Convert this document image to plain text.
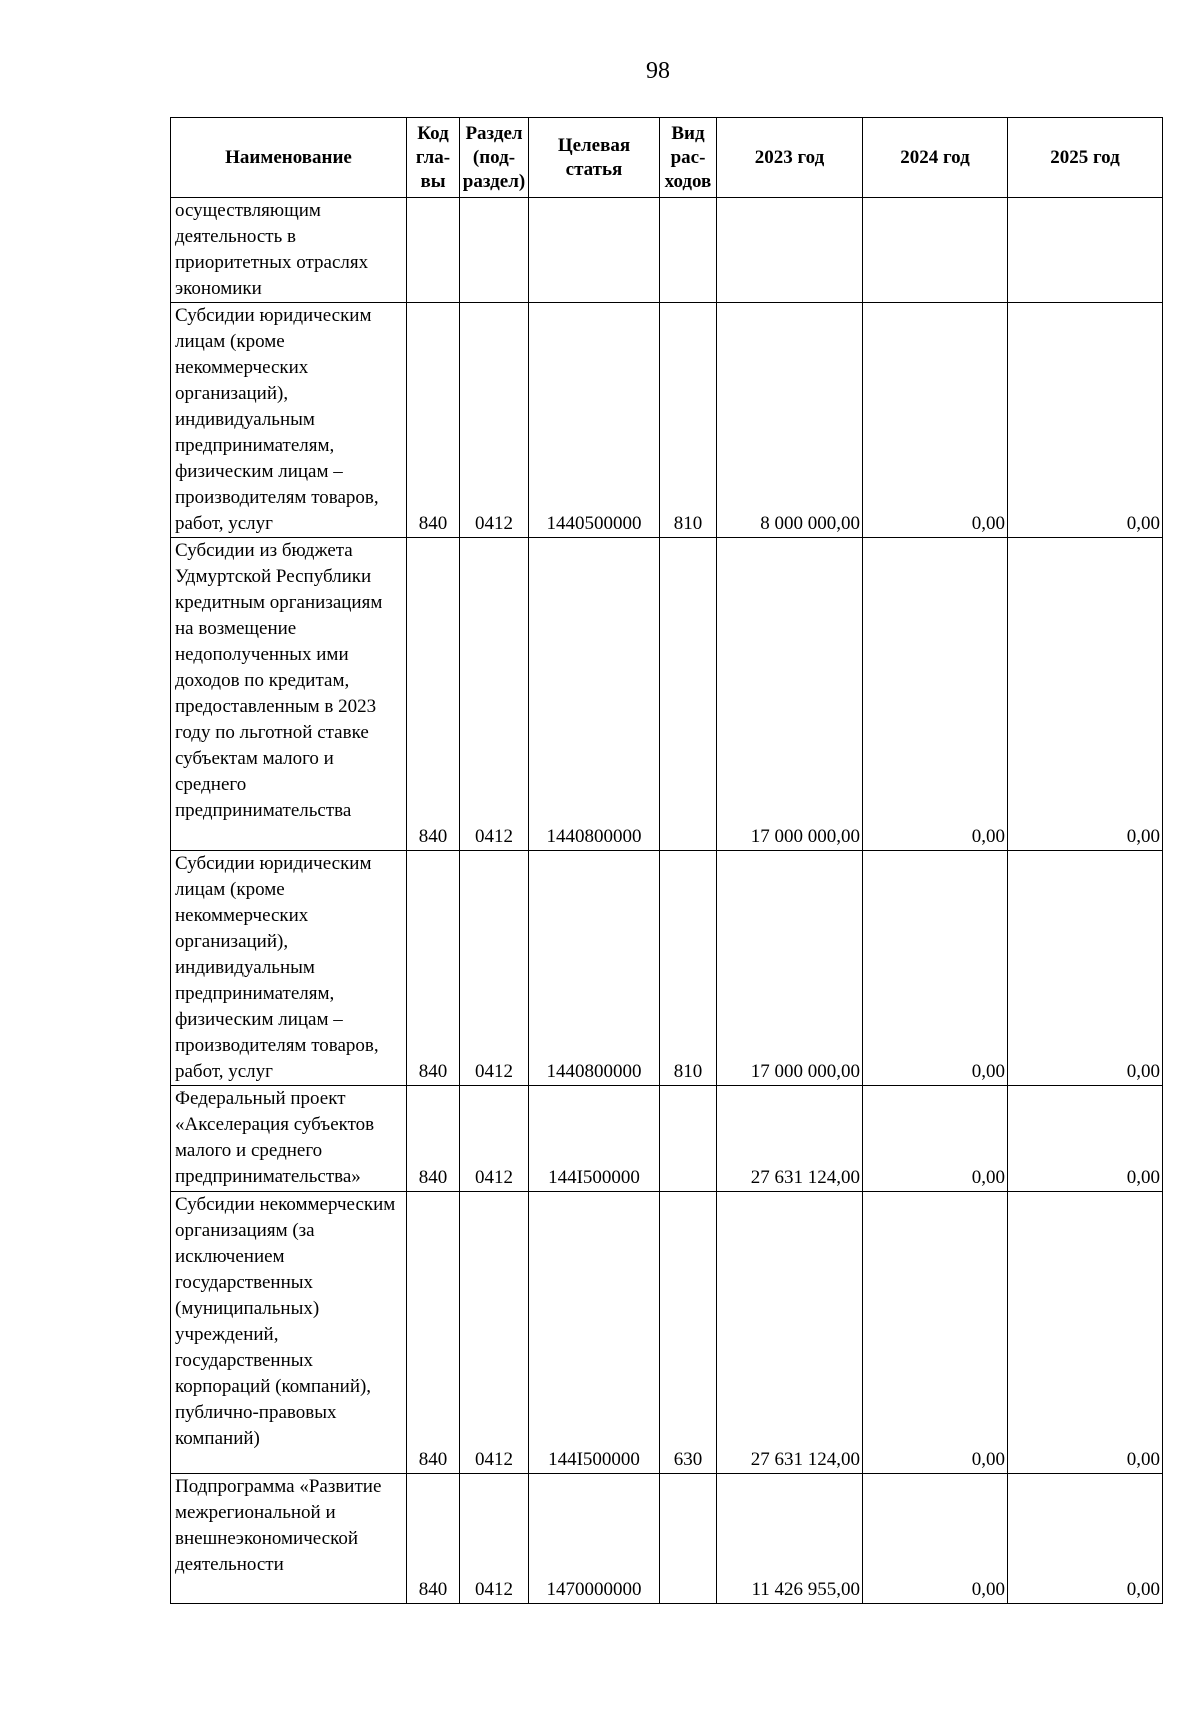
98
Наименование	Код гла-вы	Раздел (под-раздел)	Целевая статья	Вид рас-ходов	2023 год	2024 год	2025 год
осуществляющим деятельность в приоритетных отраслях экономики							
Субсидии юридическим лицам (кроме некоммерческих организаций), индивидуальным предпринимателям, физическим лицам – производителям товаров, работ, услуг	840	0412	1440500000	810	8 000 000,00	0,00	0,00
Субсидии из бюджета Удмуртской Республики кредитным организациям на возмещение недополученных ими доходов по кредитам, предоставленным в 2023 году по льготной ставке субъектам малого и среднего предпринимательства	840	0412	1440800000		17 000 000,00	0,00	0,00
Субсидии юридическим лицам (кроме некоммерческих организаций), индивидуальным предпринимателям, физическим лицам – производителям товаров, работ, услуг	840	0412	1440800000	810	17 000 000,00	0,00	0,00
Федеральный проект «Акселерация субъектов малого и среднего предпринимательства»	840	0412	144I500000		27 631 124,00	0,00	0,00
Субсидии некоммерческим организациям (за исключением государственных (муниципальных) учреждений, государственных корпораций (компаний), публично-правовых компаний)	840	0412	144I500000	630	27 631 124,00	0,00	0,00
Подпрограмма «Развитие межрегиональной и внешнеэкономической деятельности	840	0412	1470000000		11 426 955,00	0,00	0,00
